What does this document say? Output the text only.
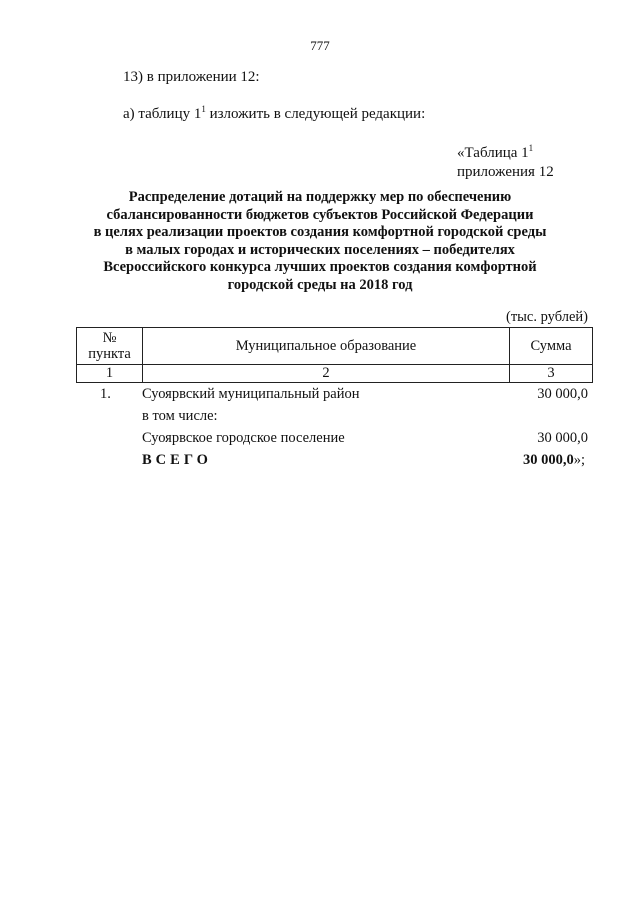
777
13) в приложении 12:
а) таблицу $1^1$ изложить в следующей редакции:
«Таблица $1^1$
приложения 12
Распределение дотаций на поддержку мер по обеспечению
сбалансированности бюджетов субъектов Российской Федерации
в целях реализации проектов создания комфортной городской среды
в малых городах и исторических поселениях – победителях
Всероссийского конкурса лучших проектов создания комфортной
городской среды на 2018 год
(тыс. рублей)
№
пункта	Муниципальное образование	Сумма
1	2	3
1. Суоярвский муниципальный район	30 000,0
в том числе:
Суоярвское городское поселение	30 000,0
ВСЕГО	30 000,0»;
